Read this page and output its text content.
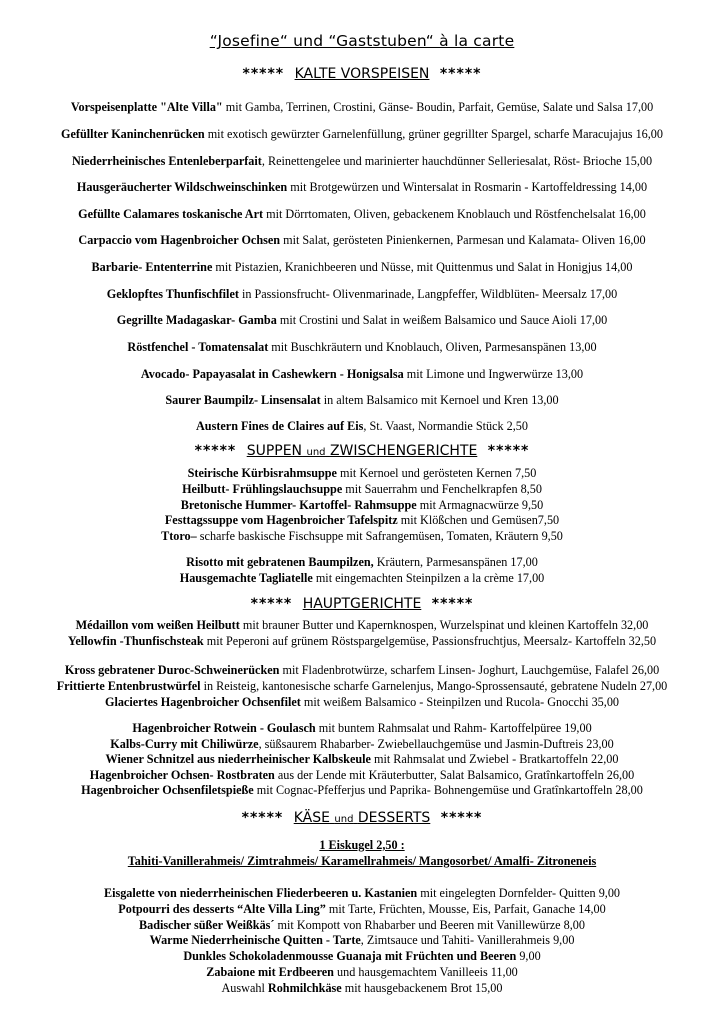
“Josefine“ und “Gaststuben“ à la carte
***** KALTE VORSPEISEN *****
Vorspeisenplatte "Alte Villa" mit Gamba, Terrinen, Crostini, Gänse- Boudin, Parfait, Gemüse, Salate und Salsa 17,00
Gefüllter Kaninchenrücken mit exotisch gewürzter Garnelenfüllung, grüner gegrillter Spargel, scharfe Maracujajus 16,00
Niederrheinisches Entenleberparfait, Reinettengelee und marinierter hauchdünner Selleriesalat, Röst- Brioche 15,00
Hausgeräucherter Wildschweinschinken mit Brotgewürzen und Wintersalat in Rosmarin - Kartoffeldressing 14,00
Gefüllte Calamares toskanische Art mit Dörrtomaten, Oliven, gebackenem Knoblauch und Röstfenchelsalat 16,00
Carpaccio vom Hagenbroicher Ochsen mit Salat, gerösteten Pinienkernen, Parmesan und Kalamata- Oliven 16,00
Barbarie- Ententerrine mit Pistazien, Kranichbeeren und Nüsse, mit Quittenmus und Salat in Honigjus 14,00
Geklopftes Thunfischfilet in Passionsfrucht- Olivenmarinade, Langpfeffer, Wildblüten- Meersalz 17,00
Gegrillte Madagaskar- Gamba mit Crostini und Salat in weißem Balsamico und Sauce Aioli 17,00
Röstfenchel - Tomatensalat mit Buschkräutern und Knoblauch, Oliven, Parmesanspänen 13,00
Avocado- Papayasalat in Cashewkern - Honigsalsa mit Limone und Ingwerwürze 13,00
Saurer Baumpilz- Linsensalat in altem Balsamico mit Kernoel und Kren 13,00
Austern Fines de Claires auf Eis, St. Vaast, Normandie Stück 2,50
***** SUPPEN und ZWISCHENGERICHTE *****
Steirische Kürbisrahmsuppe mit Kernoel und gerösteten Kernen 7,50
Heilbutt- Frühlingslauchsuppe mit Sauerrahm und Fenchelkrapfen 8,50
Bretonische Hummer- Kartoffel- Rahmsuppe mit Armagnacwürze 9,50
Festtagssuppe vom Hagenbroicher Tafelspitz mit Klößchen und Gemüsen7,50
Ttoro– scharfe baskische Fischsuppe mit Safrangemüsen, Tomaten, Kräutern 9,50
Risotto mit gebratenen Baumpilzen, Kräutern, Parmesanspänen 17,00
Hausgemachte Tagliatelle mit eingemachten Steinpilzen a la crème 17,00
***** HAUPTGERICHTE *****
Médaillon vom weißen Heilbutt mit brauner Butter und Kapernknospen, Wurzelspinat und kleinen Kartoffeln 32,00
Yellowfin -Thunfischsteak mit Peperoni auf grünem Röstspargelgemüse, Passionsfruchtjus, Meersalz- Kartoffeln 32,50
Kross gebratener Duroc-Schweinerücken mit Fladenbrotwürze, scharfem Linsen- Joghurt, Lauchgemüse, Falafel 26,00
Frittierte Entenbrustwürfel in Reisteig, kantonesische scharfe Garnelenjus, Mango-Sprossensauté, gebratene Nudeln 27,00
Glaciertes Hagenbroicher Ochsenfilet mit weißem Balsamico - Steinpilzen und Rucola- Gnocchi 35,00
Hagenbroicher Rotwein - Goulasch mit buntem Rahmsalat und Rahm- Kartoffelpüree 19,00
Kalbs-Curry mit Chiliwürze, süßsaurem Rhabarber- Zwiebellauchgemüse und Jasmin-Duftreis 23,00
Wiener Schnitzel aus niederrheinischer Kalbskeule mit Rahmsalat und Zwiebel - Bratkartoffeln 22,00
Hagenbroicher Ochsen- Rostbraten aus der Lende mit Kräuterbutter, Salat Balsamico, Gratînkartoffeln 26,00
Hagenbroicher Ochsenfiletspieße mit Cognac-Pfefferjus und Paprika- Bohnengemüse und Gratînkartoffeln 28,00
***** KÄSE und DESSERTS *****
1 Eiskugel 2,50 :
Tahiti-Vanillerahmeis/ Zimtrahmeis/ Karamellrahmeis/ Mangosorbet/ Amalfi- Zitroneneis
Eisgalette von niederrheinischen Fliederbeeren u. Kastanien mit eingelegten Dornfelder- Quitten 9,00
Potpourri des desserts “Alte Villa Ling” mit Tarte, Früchten, Mousse, Eis, Parfait, Ganache 14,00
Badischer süßer Weißkäs´ mit Kompott von Rhabarber und Beeren mit Vanillewürze 8,00
Warme Niederrheinische Quitten - Tarte, Zimtsauce und Tahiti- Vanillerahmeis 9,00
Dunkles Schokoladenmousse Guanaja mit Früchten und Beeren 9,00
Zabaione mit Erdbeeren und hausgemachtem Vanilleeis 11,00
Auswahl Rohmilchkäse mit hausgebackenem Brot 15,00
